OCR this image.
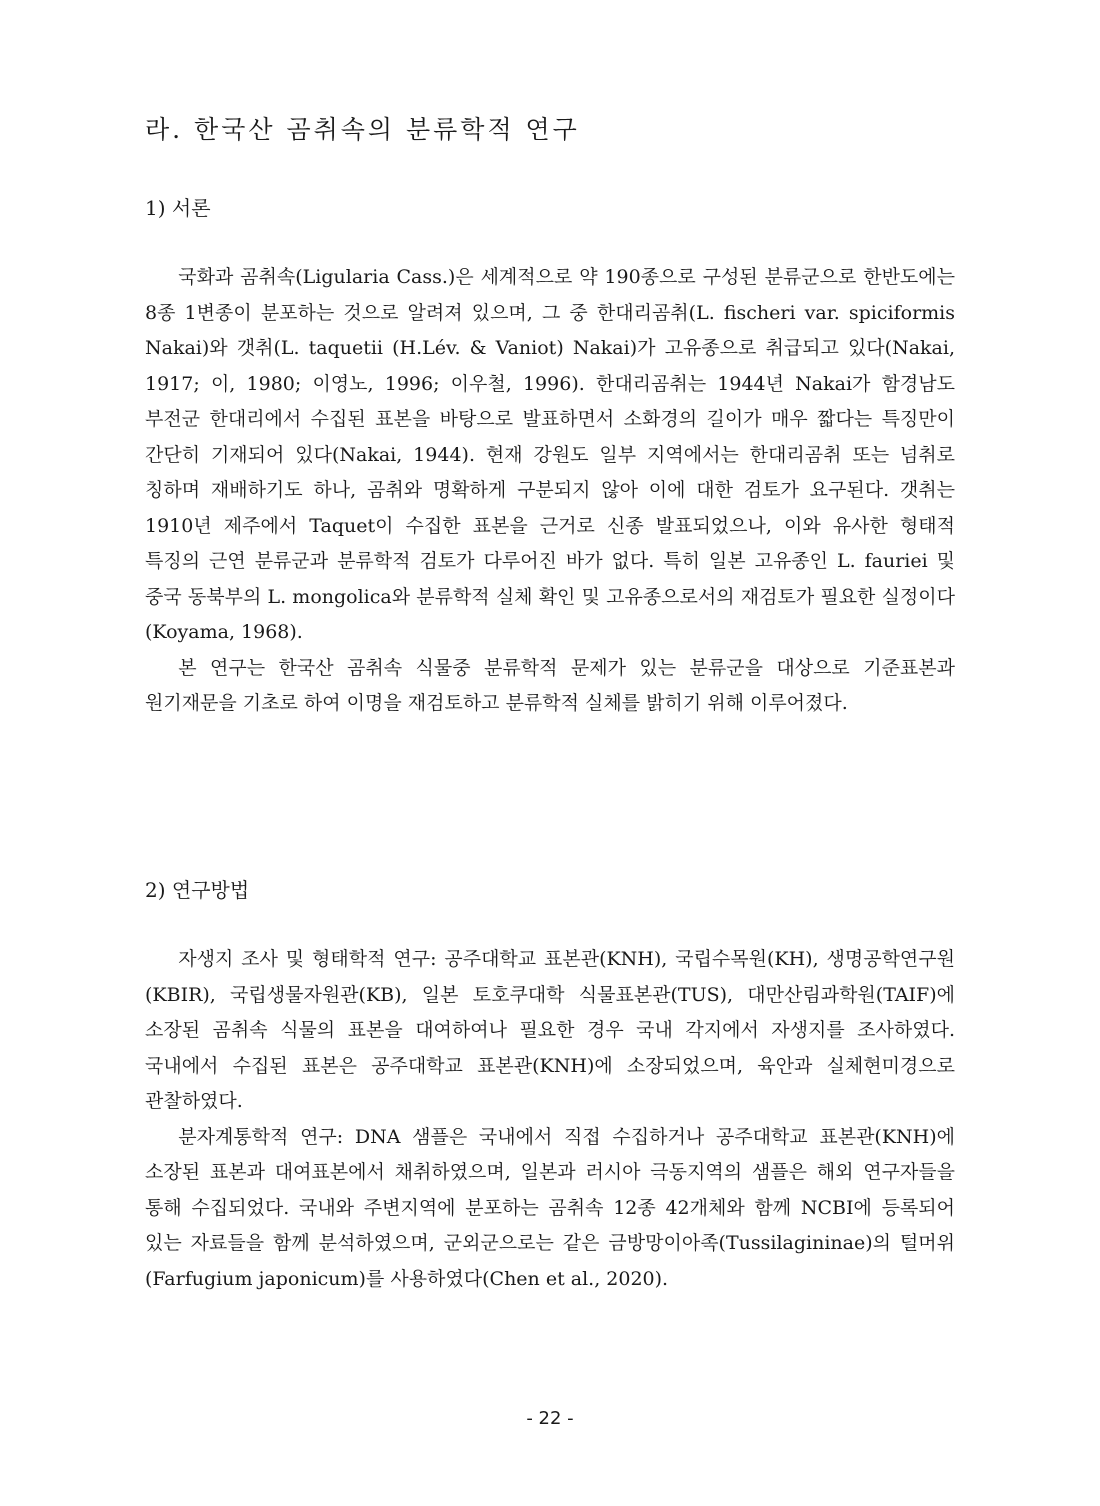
라. 한국산 곰취속의 분류학적 연구
1) 서론

국화과 곰취속(Ligularia Cass.)은 세계적으로 약 190종으로 구성된 분류군으로 한반도에는 8종 1변종이 분포하는 것으로 알려져 있으며, 그 중 한대리곰취(L. fischeri var. spiciformis Nakai)와 갯취(L. taquetii (H.Lév. & Vaniot) Nakai)가 고유종으로 취급되고 있다(Nakai, 1917; 이, 1980; 이영노, 1996; 이우철, 1996). 한대리곰취는 1944년 Nakai가 함경남도 부전군 한대리에서 수집된 표본을 바탕으로 발표하면서 소화경의 길이가 매우 짧다는 특징만이 간단히 기재되어 있다(Nakai, 1944). 현재 강원도 일부 지역에서는 한대리곰취 또는 넘취로 칭하며 재배하기도 하나, 곰취와 명확하게 구분되지 않아 이에 대한 검토가 요구된다. 갯취는 1910년 제주에서 Taquet이 수집한 표본을 근거로 신종 발표되었으나, 이와 유사한 형태적 특징의 근연 분류군과 분류학적 검토가 다루어진 바가 없다. 특히 일본 고유종인 L. fauriei 및 중국 동북부의 L. mongolica와 분류학적 실체 확인 및 고유종으로서의 재검토가 필요한 실정이다(Koyama, 1968).

본 연구는 한국산 곰취속 식물중 분류학적 문제가 있는 분류군을 대상으로 기준표본과 원기재문을 기초로 하여 이명을 재검토하고 분류학적 실체를 밝히기 위해 이루어졌다.

2) 연구방법

자생지 조사 및 형태학적 연구: 공주대학교 표본관(KNH), 국립수목원(KH), 생명공학연구원(KBIR), 국립생물자원관(KB), 일본 토호쿠대학 식물표본관(TUS), 대만산림과학원(TAIF)에 소장된 곰취속 식물의 표본을 대여하여나 필요한 경우 국내 각지에서 자생지를 조사하였다. 국내에서 수집된 표본은 공주대학교 표본관(KNH)에 소장되었으며, 육안과 실체현미경으로 관찰하였다.

분자계통학적 연구: DNA 샘플은 국내에서 직접 수집하거나 공주대학교 표본관(KNH)에 소장된 표본과 대여표본에서 채취하였으며, 일본과 러시아 극동지역의 샘플은 해외 연구자들을 통해 수집되었다. 국내와 주변지역에 분포하는 곰취속 12종 42개체와 함께 NCBI에 등록되어 있는 자료들을 함께 분석하였으며, 군외군으로는 같은 금방망이아족(Tussilagininae)의 털머위(Farfugium japonicum)를 사용하였다(Chen et al., 2020).

- 22 -
